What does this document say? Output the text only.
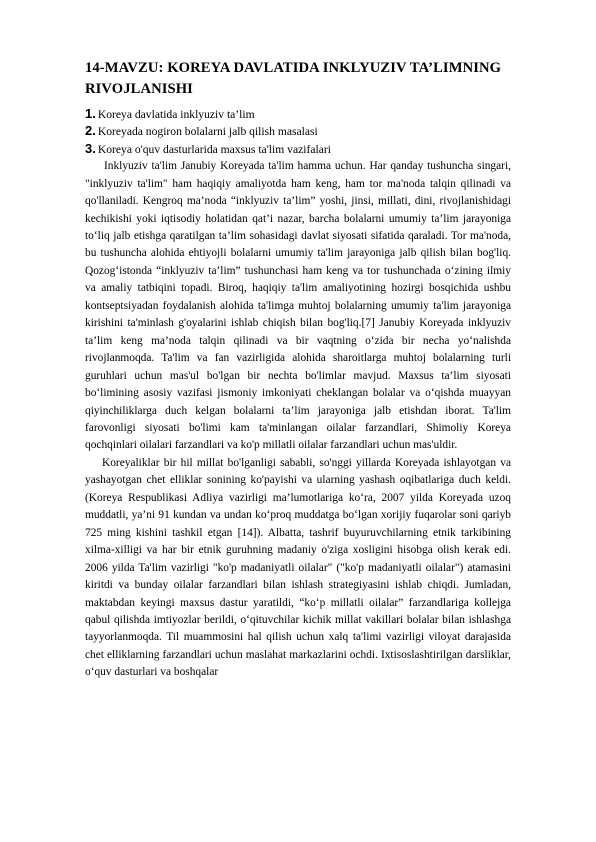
14-MAVZU: KOREYA DAVLATIDA INKLYUZIV TA’LIMNING RIVOJLANISHI
1. Koreya davlatida inklyuziv ta’lim
2. Koreyada nogiron bolalarni jalb qilish masalasi
3. Koreya o'quv dasturlarida maxsus ta'lim vazifalari

Inklyuziv ta'lim Janubiy Koreyada ta'lim hamma uchun. Har qanday tushuncha singari, "inklyuziv ta'lim" ham haqiqiy amaliyotda ham keng, ham tor ma'noda talqin qilinadi va qo'llaniladi. Kengroq ma’noda “inklyuziv ta’lim” yoshi, jinsi, millati, dini, rivojlanishidagi kechikishi yoki iqtisodiy holatidan qat’i nazar, barcha bolalarni umumiy ta’lim jarayoniga to‘liq jalb etishga qaratilgan ta’lim sohasidagi davlat siyosati sifatida qaraladi. Tor ma'noda, bu tushuncha alohida ehtiyojli bolalarni umumiy ta'lim jarayoniga jalb qilish bilan bog'liq. Qozog‘istonda “inklyuziv ta’lim” tushunchasi ham keng va tor tushunchada o‘zining ilmiy va amaliy tatbiqini topadi. Biroq, haqiqiy ta'lim amaliyotining hozirgi bosqichida ushbu kontseptsiyadan foydalanish alohida ta'limga muhtoj bolalarning umumiy ta'lim jarayoniga kirishini ta'minlash g'oyalarini ishlab chiqish bilan bog'liq.[7] Janubiy Koreyada inklyuziv ta’lim keng ma’noda talqin qilinadi va bir vaqtning o‘zida bir necha yo‘nalishda rivojlanmoqda. Ta'lim va fan vazirligida alohida sharoitlarga muhtoj bolalarning turli guruhlari uchun mas'ul bo'lgan bir nechta bo'limlar mavjud. Maxsus ta’lim siyosati bo‘limining asosiy vazifasi jismoniy imkoniyati cheklangan bolalar va o‘qishda muayyan qiyinchiliklarga duch kelgan bolalarni ta’lim jarayoniga jalb etishdan iborat. Ta'lim farovonligi siyosati bo'limi kam ta'minlangan oilalar farzandlari, Shimoliy Koreya qochqinlari oilalari farzandlari va ko'p millatli oilalar farzandlari uchun mas'uldir.

Koreyaliklar bir hil millat bo'lganligi sababli, so'nggi yillarda Koreyada ishlayotgan va yashayotgan chet elliklar sonining ko'payishi va ularning yashash oqibatlariga duch keldi. (Koreya Respublikasi Adliya vazirligi ma’lumotlariga ko‘ra, 2007 yilda Koreyada uzoq muddatli, ya’ni 91 kundan va undan ko‘proq muddatga bo‘lgan xorijiy fuqarolar soni qariyb 725 ming kishini tashkil etgan [14]). Albatta, tashrif buyuruvchilarning etnik tarkibining xilma-xilligi va har bir etnik guruhning madaniy o'ziga xosligini hisobga olish kerak edi. 2006 yilda Ta'lim vazirligi "ko'p madaniyatli oilalar" ("ko'p madaniyatli oilalar") atamasini kiritdi va bunday oilalar farzandlari bilan ishlash strategiyasini ishlab chiqdi. Jumladan, maktabdan keyingi maxsus dastur yaratildi, “ko‘p millatli oilalar” farzandlariga kollejga qabul qilishda imtiyozlar berildi, o‘qituvchilar kichik millat vakillari bolalar bilan ishlashga tayyorlanmoqda. Til muammosini hal qilish uchun xalq ta'limi vazirligi viloyat darajasida chet elliklarning farzandlari uchun maslahat markazlarini ochdi. Ixtisoslashtirilgan darsliklar, o‘quv dasturlari va boshqalar
